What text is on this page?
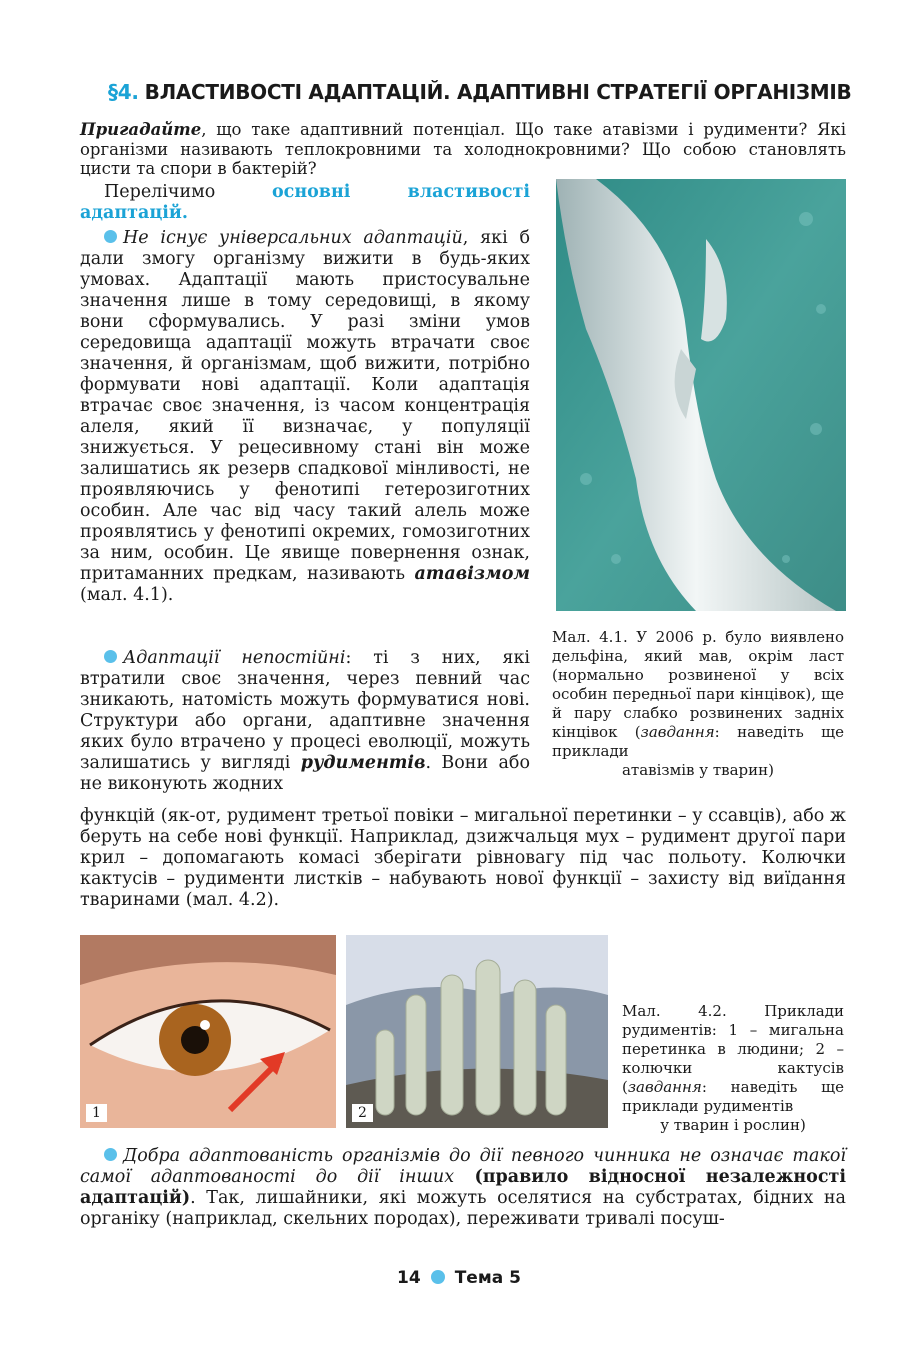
§4. ВЛАСТИВОСТІ АДАПТАЦІЙ. АДАПТИВНІ СТРАТЕГІЇ ОРГАНІЗМІВ
Пригадайте, що таке адаптивний потенціал. Що таке атавізми і рудименти? Які організми називають теплокровними та холоднокровними? Що собою становлять цисти та спори в бактерій?
Перелічимо основні властивості адаптацій.
Не існує універсальних адаптацій, які б дали змогу організму вижити в будь-яких умовах. Адаптації мають пристосувальне значення лише в тому середовищі, в якому вони сформувались. У разі зміни умов середовища адаптації можуть втрачати своє значення, й організмам, щоб вижити, потрібно формувати нові адаптації. Коли адаптація втрачає своє значення, із часом концентрація алеля, який її визначає, у популяції знижується. У рецесивному стані він може залишатись як резерв спадкової мінливості, не проявляючись у фенотипі гетерозиготних особин. Але час від часу такий алель може проявлятись у фенотипі окремих, гомозиготних за ним, особин. Це явище повернення ознак, притаманних предкам, називають атавізмом (мал. 4.1).
Адаптації непостійні: ті з них, які втратили своє значення, через певний час зникають, натомість можуть формуватися нові. Структури або органи, адаптивне значення яких було втрачено у процесі еволюції, можуть залишатись у вигляді рудиментів. Вони або не виконують жодних
функцій (як-от, рудимент третьої повіки – мигальної перетинки – у ссавців), або ж беруть на себе нові функції. Наприклад, дзижчальця мух – рудимент другої пари крил – допомагають комасі зберігати рівновагу під час польоту. Колючки кактусів – рудименти листків – набувають нової функції – захисту від виїдання тваринами (мал. 4.2).
Мал. 4.1. У 2006 р. було виявлено дельфіна, який мав, окрім ласт (нормально розвиненої у всіх особин передньої пари кінцівок), ще й пару слабко розвинених задніх кінцівок (завдання: наведіть ще приклади
атавізмів у тварин)
1	2
Мал. 4.2. Приклади рудиментів: 1 – мигальна перетинка в людини; 2 – колючки кактусів (завдання: наведіть ще приклади рудиментів
у тварин і рослин)
Добра адаптованість організмів до дії певного чинника не означає такої самої адаптованості до дії інших (правило відносної незалежності адаптацій). Так, лишайники, які можуть оселятися на субстратах, бідних на органіку (наприклад, скельних породах), переживати тривалі посуш-
14 Тема 5
